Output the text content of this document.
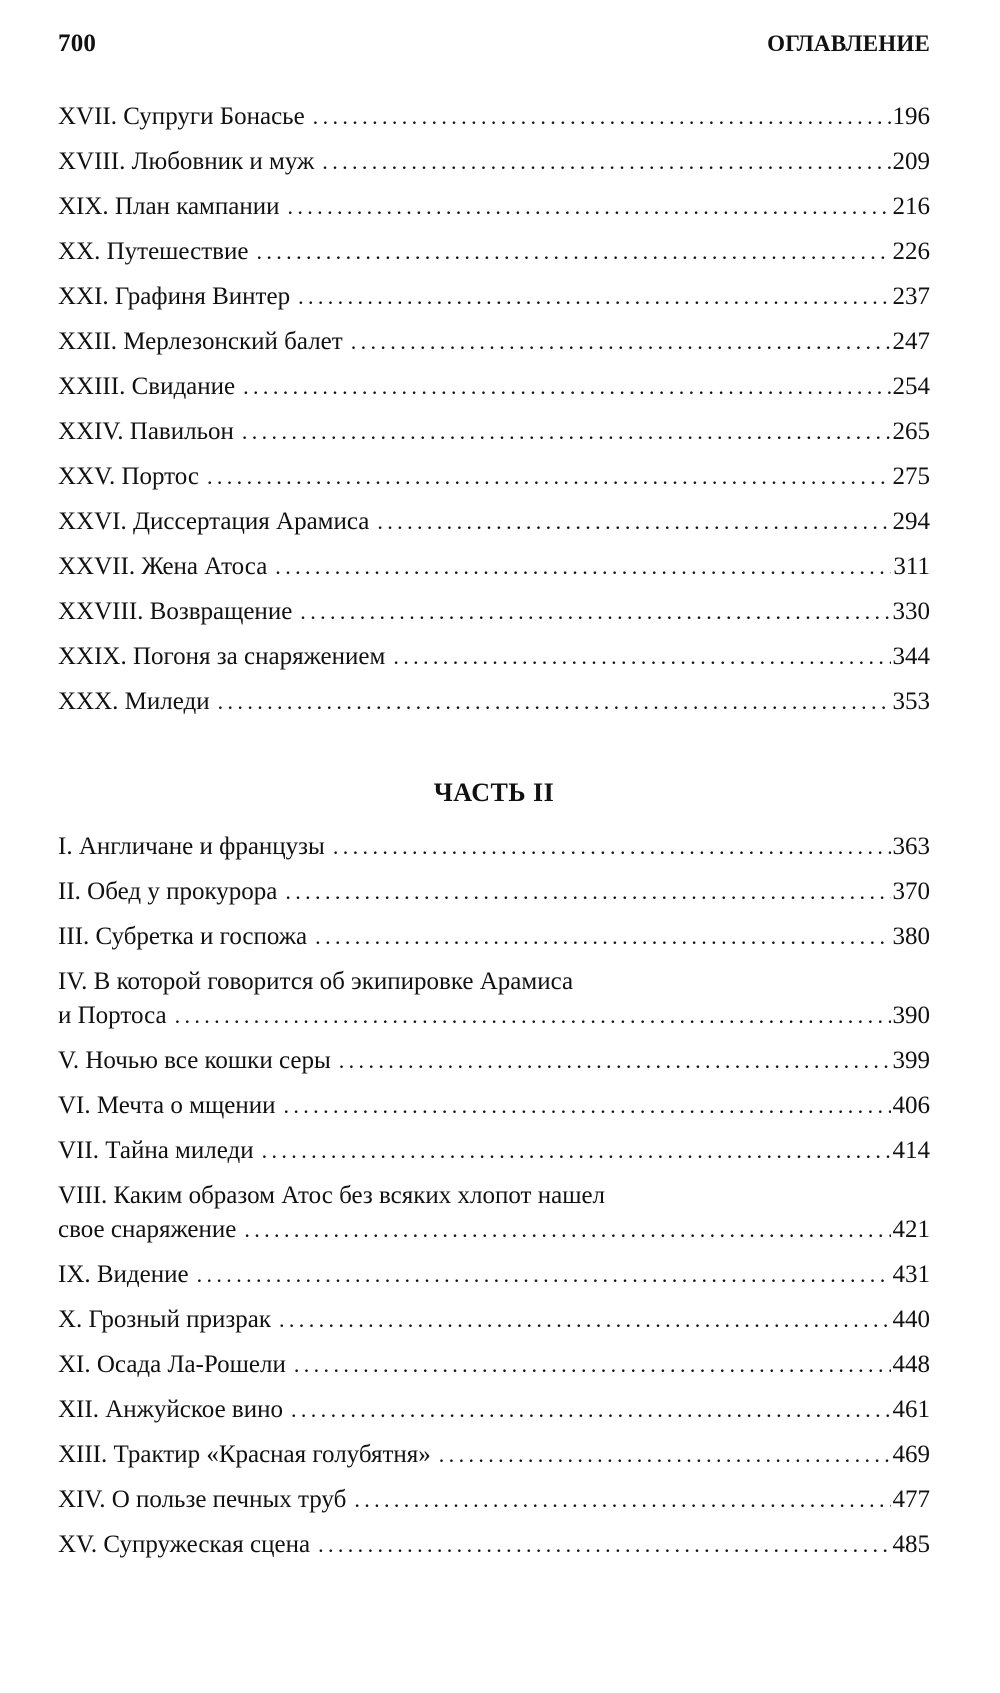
700	ОГЛАВЛЕНИЕ
XVII. Супруги Бонасье .....	196
XVIII. Любовник и муж .....	209
XIX. План кампании .....	216
XX. Путешествие .....	226
XXI. Графиня Винтер .....	237
XXII. Мерлезонский балет .....	247
XXIII. Свидание .....	254
XXIV. Павильон .....	265
XXV. Портос .....	275
XXVI. Диссертация Арамиса .....	294
XXVII. Жена Атоса .....	311
XXVIII. Возвращение .....	330
XXIX. Погоня за снаряжением .....	344
XXX. Миледи .....	353
ЧАСТЬ II
I. Англичане и французы .....	363
II. Обед у прокурора .....	370
III. Субретка и госпожа .....	380
IV. В которой говорится об экипировке Арамиса
и Портоса .....	390
V. Ночью все кошки серы .....	399
VI. Мечта о мщении .....	406
VII. Тайна миледи .....	414
VIII. Каким образом Атос без всяких хлопот нашел
свое снаряжение .....	421
IX. Видение .....	431
X. Грозный призрак .....	440
XI. Осада Ла-Рошели .....	448
XII. Анжуйское вино .....	461
XIII. Трактир «Красная голубятня» .....	469
XIV. О пользе печных труб .....	477
XV. Супружеская сцена .....	485
